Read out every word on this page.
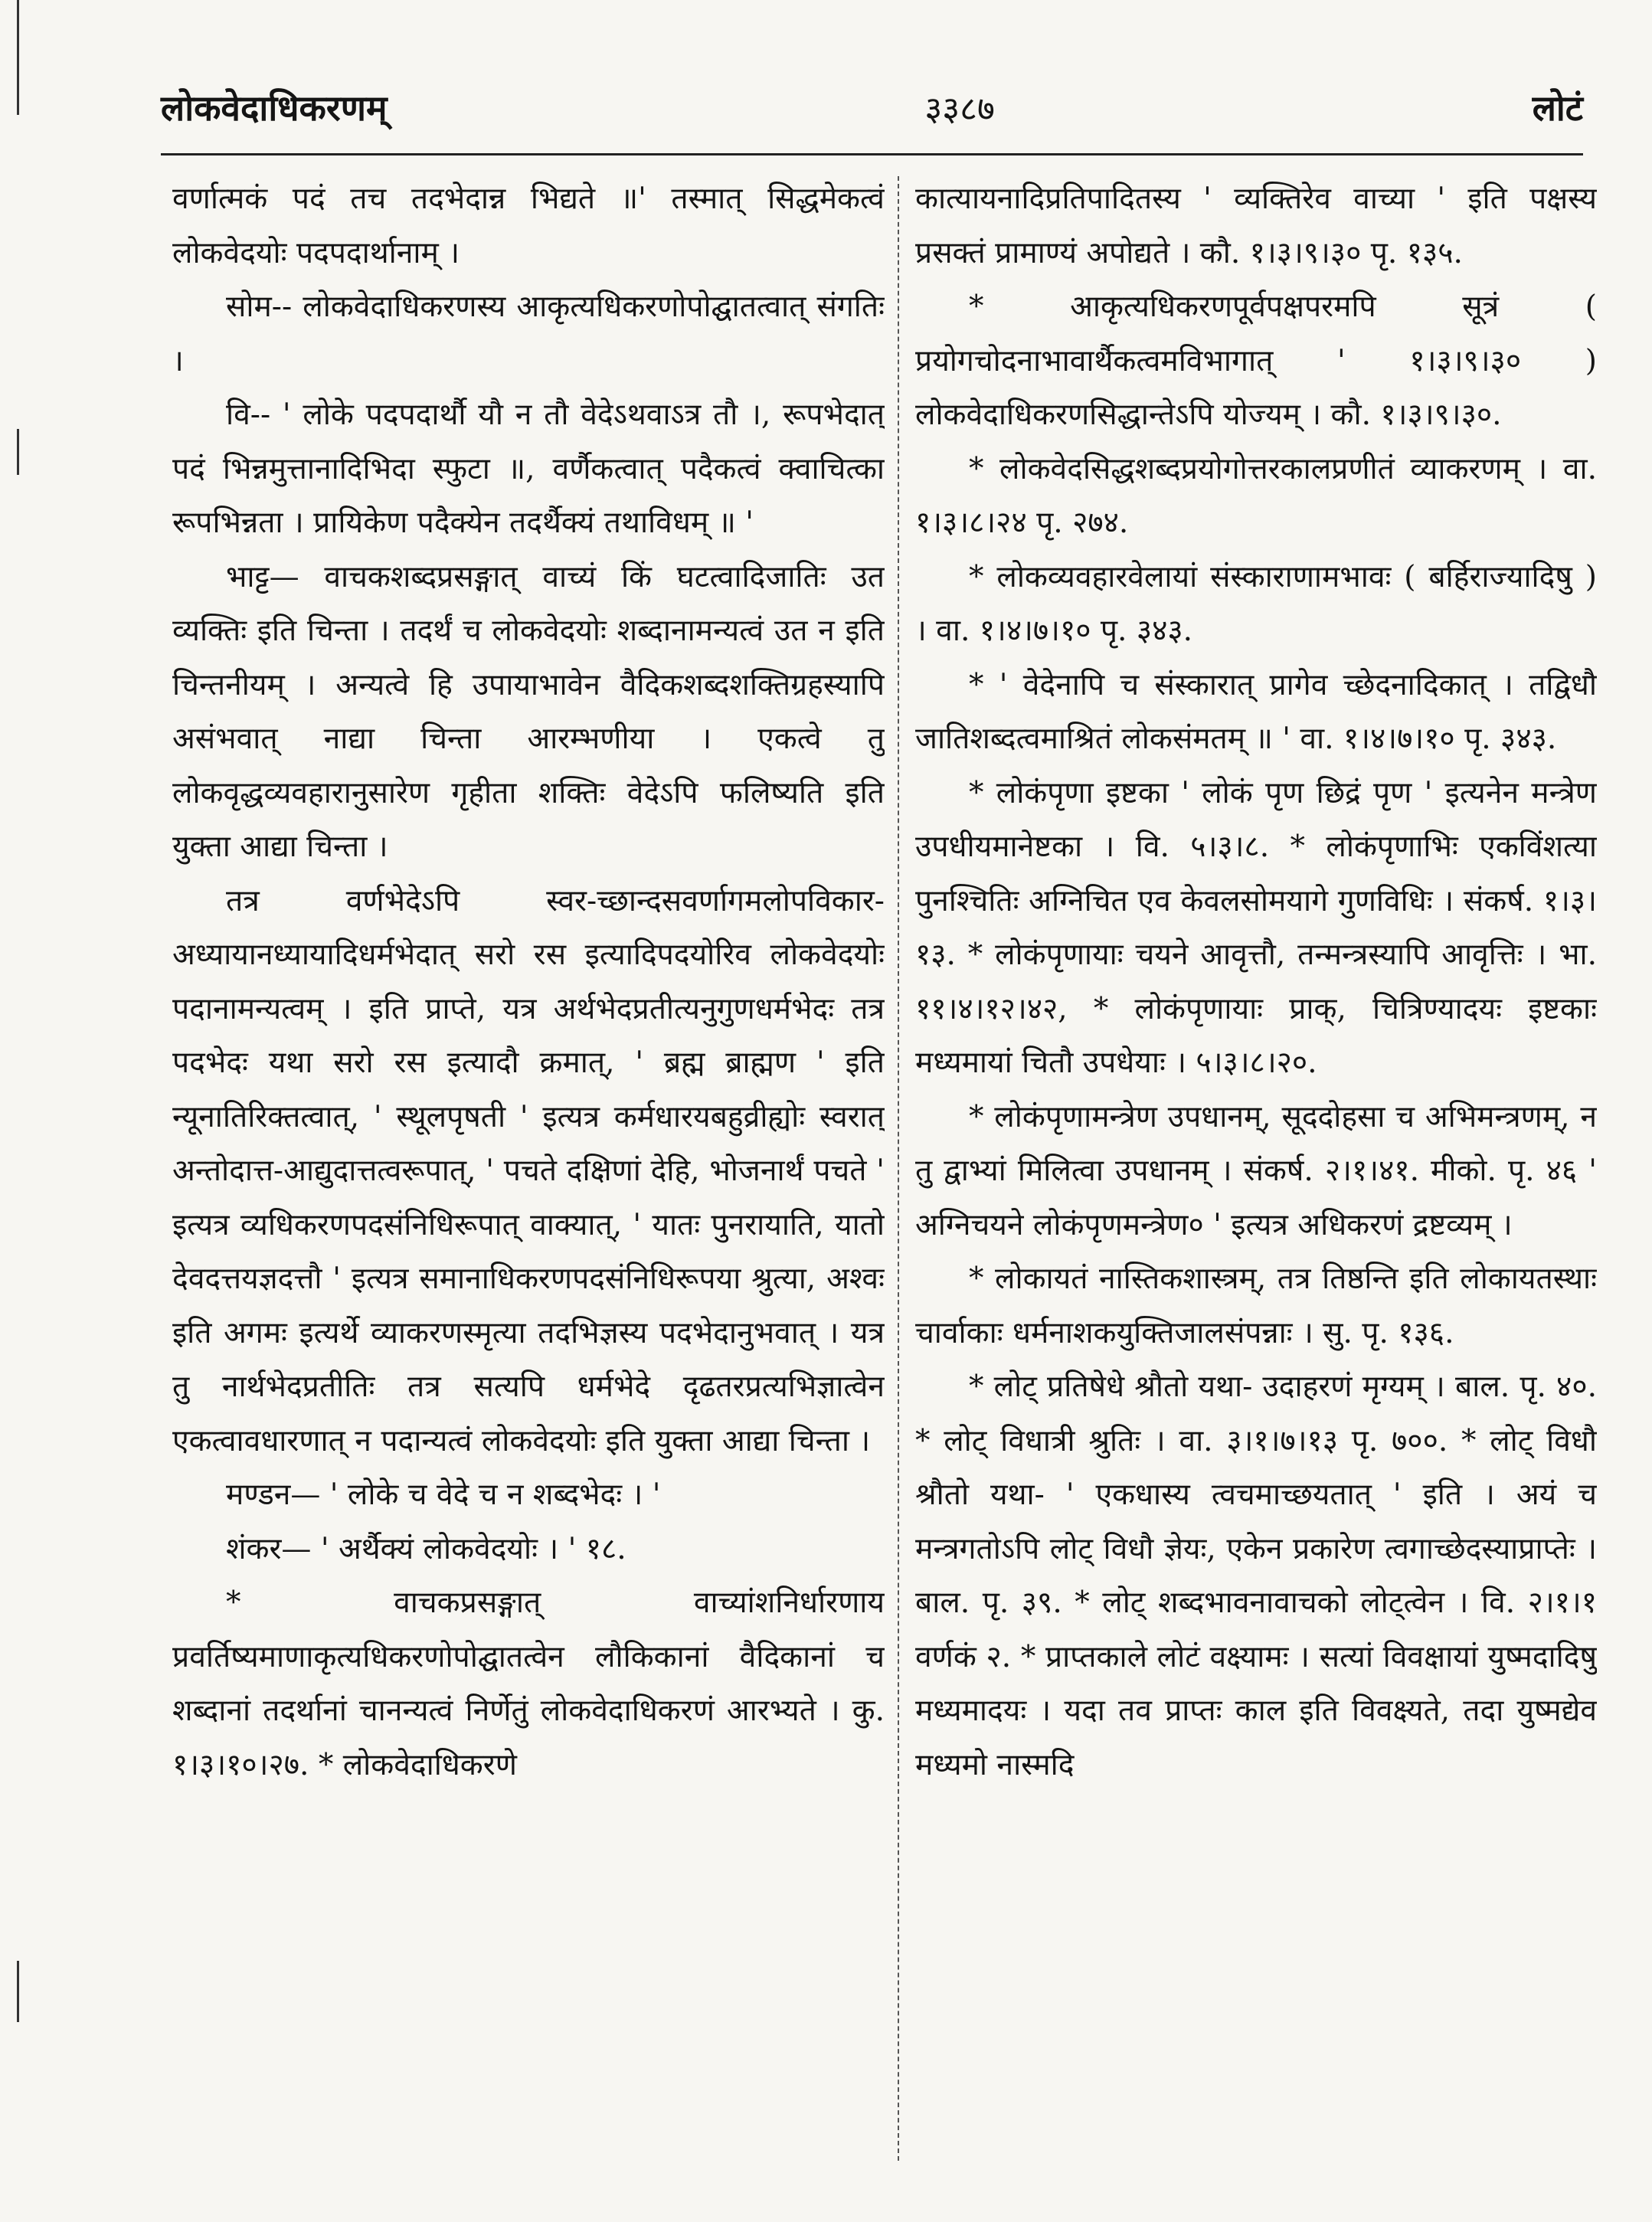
लोकवेदाधिकरणम्	३३८७	लोटं

वर्णात्मकं पदं तच तदभेदान्न भिद्यते ॥' तस्मात् सिद्धमेकत्वं लोकवेदयोः पदपदार्थानाम् ।

सोम-- लोकवेदाधिकरणस्य आकृत्यधिकरणोपोद्घातत्वात् संगतिः ।

वि-- ' लोके पदपदार्थौ यौ न तौ वेदेऽथवाऽत्र तौ ।, रूपभेदात् पदं भिन्नमुत्तानादिभिदा स्फुटा ॥, वर्णैकत्वात् पदैकत्वं क्वाचित्का रूपभिन्नता । प्रायिकेण पदैक्येन तदर्थैक्यं तथाविधम् ॥ '

भाट्ट— वाचकशब्दप्रसङ्गात् वाच्यं किं घटत्वादिजातिः उत व्यक्तिः इति चिन्ता । तदर्थं च लोकवेदयोः शब्दानामन्यत्वं उत न इति चिन्तनीयम् । अन्यत्वे हि उपायाभावेन वैदिकशब्दशक्तिग्रहस्यापि असंभवात् नाद्या चिन्ता आरम्भणीया । एकत्वे तु लोकवृद्धव्यवहारानुसारेण गृहीता शक्तिः वेदेऽपि फलिष्यति इति युक्ता आद्या चिन्ता ।

तत्र वर्णभेदेऽपि स्वर-च्छान्दसवर्णागमलोपविकार-अध्यायानध्यायादिधर्मभेदात् सरो रस इत्यादिपदयोरिव लोकवेदयोः पदानामन्यत्वम् । इति प्राप्ते, यत्र अर्थभेदप्रतीत्यनुगुणधर्मभेदः तत्र पदभेदः यथा सरो रस इत्यादौ क्रमात्, ' ब्रह्म ब्राह्मण ' इति न्यूनातिरिक्तत्वात्, ' स्थूलपृषती ' इत्यत्र कर्मधारयबहुव्रीह्योः स्वरात् अन्तोदात्त-आद्युदात्तत्वरूपात्, ' पचते दक्षिणां देहि, भोजनार्थं पचते ' इत्यत्र व्यधिकरणपदसंनिधिरूपात् वाक्यात्, ' यातः पुनरायाति, यातो देवदत्तयज्ञदत्तौ ' इत्यत्र समानाधिकरणपदसंनिधिरूपया श्रुत्या, अश्वः इति अगमः इत्यर्थे व्याकरणस्मृत्या तदभिज्ञस्य पदभेदानुभवात् । यत्र तु नार्थभेदप्रतीतिः तत्र सत्यपि धर्मभेदे दृढतरप्रत्यभिज्ञात्वेन एकत्वावधारणात् न पदान्यत्वं लोकवेदयोः इति युक्ता आद्या चिन्ता ।

मण्डन— ' लोके च वेदे च न शब्दभेदः । '

शंकर— ' अर्थैक्यं लोकवेदयोः । ' १८.

* वाचकप्रसङ्गात् वाच्यांशनिर्धारणाय प्रवर्तिष्यमाणाकृत्यधिकरणोपोद्घातत्वेन लौकिकानां वैदिकानां च शब्दानां तदर्थानां चानन्यत्वं निर्णेतुं लोकवेदाधिकरणं आरभ्यते । कु. १।३।१०।२७. * लोकवेदाधिकरणे

कात्यायनादिप्रतिपादितस्य ' व्यक्तिरेव वाच्या ' इति पक्षस्य प्रसक्तं प्रामाण्यं अपोद्यते । कौ. १।३।९।३० पृ. १३५.

* आकृत्यधिकरणपूर्वपक्षपरमपि सूत्रं ( प्रयोगचोदनाभावार्थैकत्वमविभागात् ' १।३।९।३० ) लोकवेदाधिकरणसिद्धान्तेऽपि योज्यम् । कौ. १।३।९।३०.

* लोकवेदसिद्धशब्दप्रयोगोत्तरकालप्रणीतं व्याकरणम् । वा. १।३।८।२४ पृ. २७४.

* लोकव्यवहारवेलायां संस्काराणामभावः ( बर्हिराज्यादिषु ) । वा. १।४।७।१० पृ. ३४३.

* ' वेदेनापि च संस्कारात् प्रागेव च्छेदनादिकात् । तद्विधौ जातिशब्दत्वमाश्रितं लोकसंमतम् ॥ ' वा. १।४।७।१० पृ. ३४३.

* लोकंपृणा इष्टका ' लोकं पृण छिद्रं पृण ' इत्यनेन मन्त्रेण उपधीयमानेष्टका । वि. ५।३।८. * लोकंपृणाभिः एकविंशत्या पुनश्चितिः अग्निचित एव केवलसोमयागे गुणविधिः । संकर्ष. १।३।१३. * लोकंपृणायाः चयने आवृत्तौ, तन्मन्त्रस्यापि आवृत्तिः । भा. ११।४।१२।४२, * लोकंपृणायाः प्राक्, चित्रिण्यादयः इष्टकाः मध्यमायां चितौ उपधेयाः । ५।३।८।२०.

* लोकंपृणामन्त्रेण उपधानम्, सूददोहसा च अभिमन्त्रणम्, न तु द्वाभ्यां मिलित्वा उपधानम् । संकर्ष. २।१।४१. मीको. पृ. ४६ ' अग्निचयने लोकंपृणमन्त्रेण० ' इत्यत्र अधिकरणं द्रष्टव्यम् ।

* लोकायतं नास्तिकशास्त्रम्, तत्र तिष्ठन्ति इति लोकायतस्थाः चार्वाकाः धर्मनाशकयुक्तिजालसंपन्नाः । सु. पृ. १३६.

* लोट् प्रतिषेधे श्रौतो यथा- उदाहरणं मृग्यम् । बाल. पृ. ४०. * लोट् विधात्री श्रुतिः । वा. ३।१।७।१३ पृ. ७००. * लोट् विधौ श्रौतो यथा- ' एकधास्य त्वचमाच्छयतात् ' इति । अयं च मन्त्रगतोऽपि लोट् विधौ ज्ञेयः, एकेन प्रकारेण त्वगाच्छेदस्याप्राप्तेः । बाल. पृ. ३९. * लोट् शब्दभावनावाचको लोट्त्वेन । वि. २।१।१ वर्णकं २. * प्राप्तकाले लोटं वक्ष्यामः । सत्यां विवक्षायां युष्मदादिषु मध्यमादयः । यदा तव प्राप्तः काल इति विवक्ष्यते, तदा युष्मद्येव मध्यमो नास्मदि
